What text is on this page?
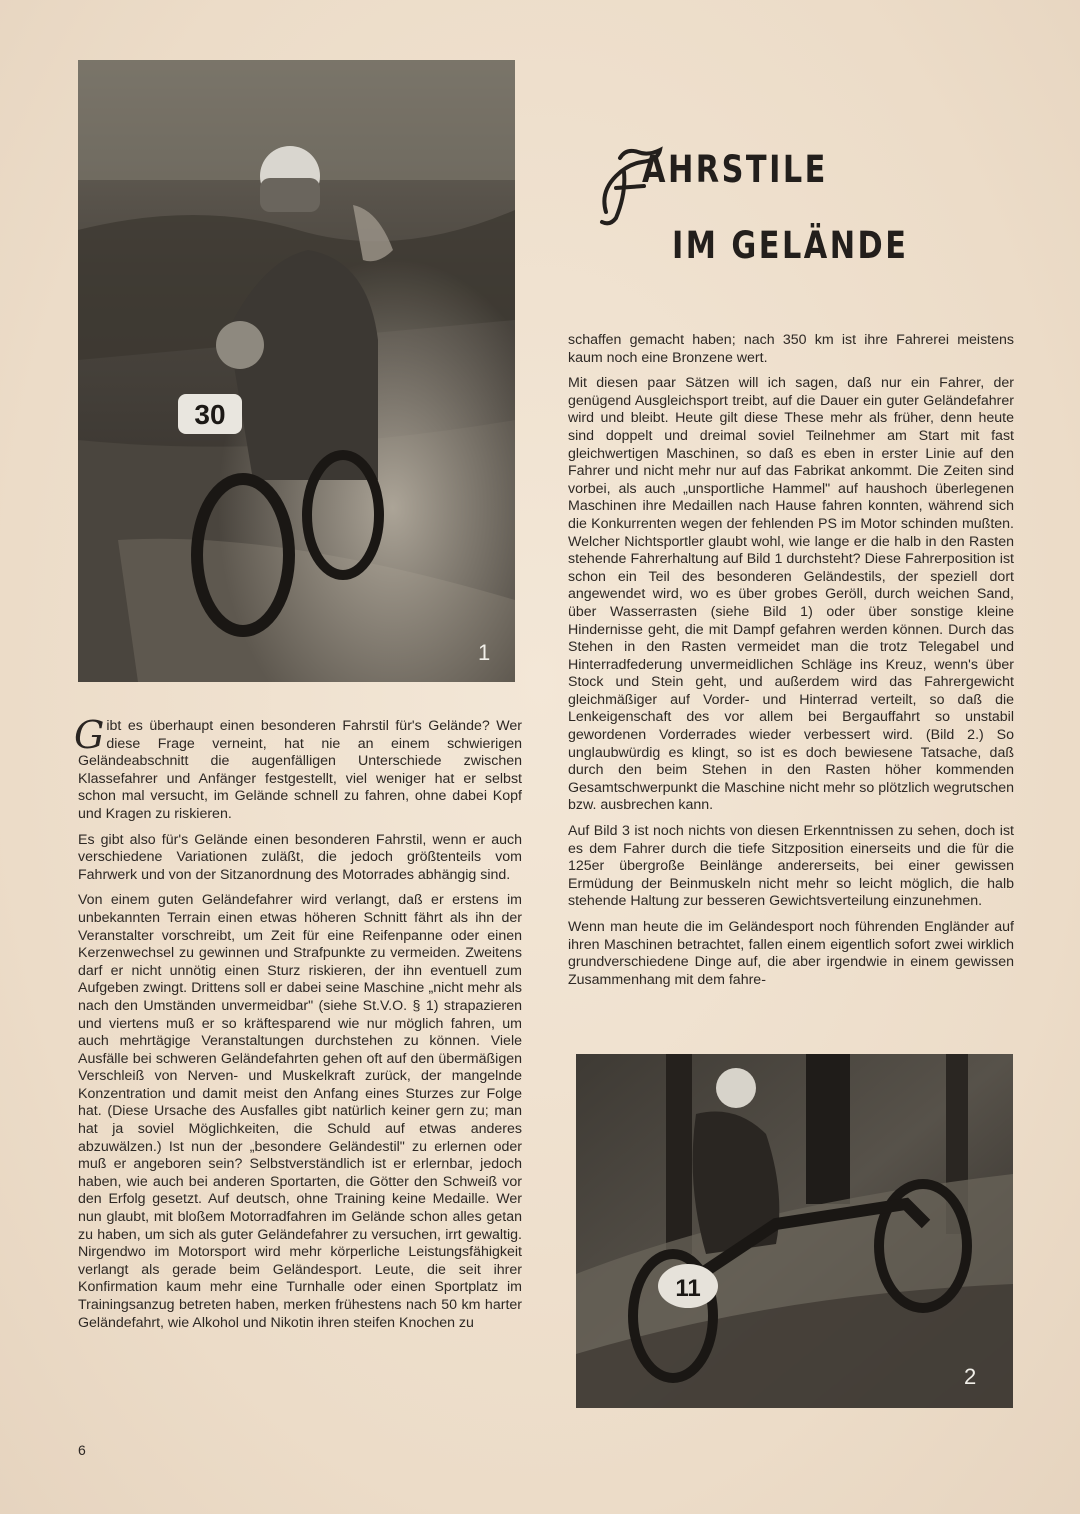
30
1
AHRSTILE
IM GELÄNDE

Gibt es überhaupt einen besonderen Fahrstil für's Gelände? Wer diese Frage verneint, hat nie an einem schwierigen Geländeabschnitt die augenfälligen Unterschiede zwischen Klassefahrer und Anfänger festgestellt, viel weniger hat er selbst schon mal versucht, im Gelände schnell zu fahren, ohne dabei Kopf und Kragen zu riskieren.

Es gibt also für's Gelände einen besonderen Fahrstil, wenn er auch verschiedene Variationen zuläßt, die jedoch größtenteils vom Fahrwerk und von der Sitzanordnung des Motorrades abhängig sind.

Von einem guten Geländefahrer wird verlangt, daß er erstens im unbekannten Terrain einen etwas höheren Schnitt fährt als ihn der Veranstalter vorschreibt, um Zeit für eine Reifenpanne oder einen Kerzenwechsel zu gewinnen und Strafpunkte zu vermeiden. Zweitens darf er nicht unnötig einen Sturz riskieren, der ihn eventuell zum Aufgeben zwingt. Drittens soll er dabei seine Maschine „nicht mehr als nach den Umständen unvermeidbar" (siehe St.V.O. § 1) strapazieren und viertens muß er so kräftesparend wie nur möglich fahren, um auch mehrtägige Veranstaltungen durchstehen zu können. Viele Ausfälle bei schweren Geländefahrten gehen oft auf den übermäßigen Verschleiß von Nerven- und Muskelkraft zurück, der mangelnde Konzentration und damit meist den Anfang eines Sturzes zur Folge hat. (Diese Ursache des Ausfalles gibt natürlich keiner gern zu; man hat ja soviel Möglichkeiten, die Schuld auf etwas anderes abzuwälzen.) Ist nun der „besondere Geländestil" zu erlernen oder muß er angeboren sein? Selbstverständlich ist er erlernbar, jedoch haben, wie auch bei anderen Sportarten, die Götter den Schweiß vor den Erfolg gesetzt. Auf deutsch, ohne Training keine Medaille. Wer nun glaubt, mit bloßem Motorradfahren im Gelände schon alles getan zu haben, um sich als guter Geländefahrer zu versuchen, irrt gewaltig. Nirgendwo im Motorsport wird mehr körperliche Leistungsfähigkeit verlangt als gerade beim Geländesport. Leute, die seit ihrer Konfirmation kaum mehr eine Turnhalle oder einen Sportplatz im Trainingsanzug betreten haben, merken frühestens nach 50 km harter Geländefahrt, wie Alkohol und Nikotin ihren steifen Knochen zu

schaffen gemacht haben; nach 350 km ist ihre Fahrerei meistens kaum noch eine Bronzene wert.

Mit diesen paar Sätzen will ich sagen, daß nur ein Fahrer, der genügend Ausgleichsport treibt, auf die Dauer ein guter Geländefahrer wird und bleibt. Heute gilt diese These mehr als früher, denn heute sind doppelt und dreimal soviel Teilnehmer am Start mit fast gleichwertigen Maschinen, so daß es eben in erster Linie auf den Fahrer und nicht mehr nur auf das Fabrikat ankommt. Die Zeiten sind vorbei, als auch „unsportliche Hammel" auf haushoch überlegenen Maschinen ihre Medaillen nach Hause fahren konnten, während sich die Konkurrenten wegen der fehlenden PS im Motor schinden mußten. Welcher Nichtsportler glaubt wohl, wie lange er die halb in den Rasten stehende Fahrerhaltung auf Bild 1 durchsteht? Diese Fahrerposition ist schon ein Teil des besonderen Geländestils, der speziell dort angewendet wird, wo es über grobes Geröll, durch weichen Sand, über Wasserrasten (siehe Bild 1) oder über sonstige kleine Hindernisse geht, die mit Dampf gefahren werden können. Durch das Stehen in den Rasten vermeidet man die trotz Telegabel und Hinterradfederung unvermeidlichen Schläge ins Kreuz, wenn's über Stock und Stein geht, und außerdem wird das Fahrergewicht gleichmäßiger auf Vorder- und Hinterrad verteilt, so daß die Lenkeigenschaft des vor allem bei Bergauffahrt so unstabil gewordenen Vorderrades wieder verbessert wird. (Bild 2.) So unglaubwürdig es klingt, so ist es doch bewiesene Tatsache, daß durch den beim Stehen in den Rasten höher kommenden Gesamtschwerpunkt die Maschine nicht mehr so plötzlich wegrutschen bzw. ausbrechen kann.

Auf Bild 3 ist noch nichts von diesen Erkenntnissen zu sehen, doch ist es dem Fahrer durch die tiefe Sitzposition einerseits und die für die 125er übergroße Beinlänge andererseits, bei einer gewissen Ermüdung der Beinmuskeln nicht mehr so leicht möglich, die halb stehende Haltung zur besseren Gewichtsverteilung einzunehmen.

Wenn man heute die im Geländesport noch führenden Engländer auf ihren Maschinen betrachtet, fallen einem eigentlich sofort zwei wirklich grundverschiedene Dinge auf, die aber irgendwie in einem gewissen Zusammenhang mit dem fahre-

11
2
6
